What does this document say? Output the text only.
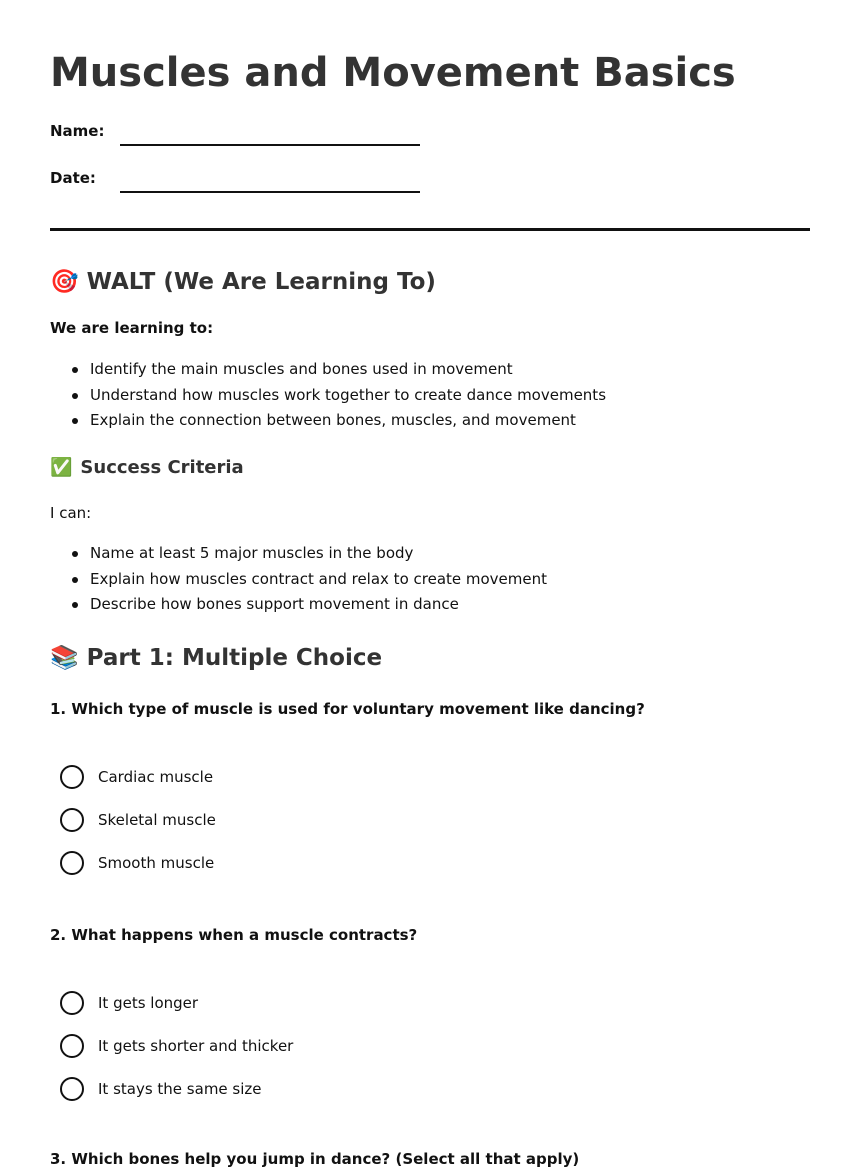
Muscles and Movement Basics
Name:
Date:
🎯 WALT (We Are Learning To)
We are learning to:
Identify the main muscles and bones used in movement
Understand how muscles work together to create dance movements
Explain the connection between bones, muscles, and movement
✅ Success Criteria
I can:
Name at least 5 major muscles in the body
Explain how muscles contract and relax to create movement
Describe how bones support movement in dance
📚 Part 1: Multiple Choice
1. Which type of muscle is used for voluntary movement like dancing?
Cardiac muscle
Skeletal muscle
Smooth muscle
2. What happens when a muscle contracts?
It gets longer
It gets shorter and thicker
It stays the same size
3. Which bones help you jump in dance? (Select all that apply)
